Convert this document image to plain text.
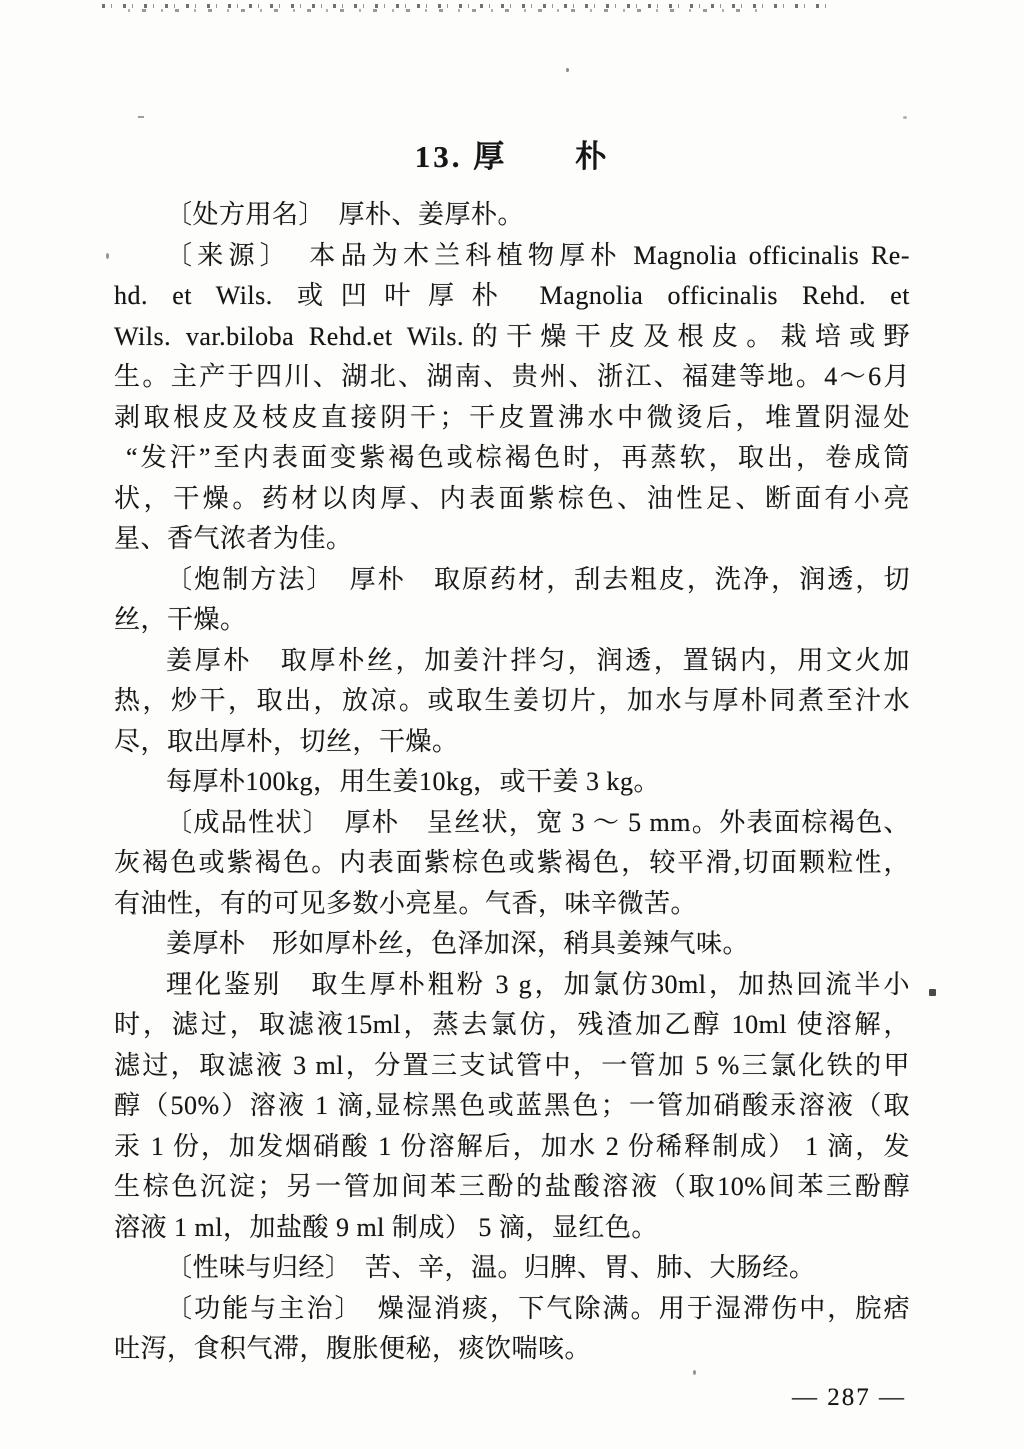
13. 厚　　朴
〔处方用名〕　厚朴、姜厚朴。
〔来源〕　本品为木兰科植物厚朴 Magnolia officinalis Re-
hd. et Wils. 或凹叶厚朴 Magnolia officinalis Rehd. et
Wils. var.biloba Rehd.et Wils.的干燥干皮及根皮。栽培或野
生。主产于四川、湖北、湖南、贵州、浙江、福建等地。4～6月
剥取根皮及枝皮直接阴干；干皮置沸水中微烫后，堆置阴湿处
“发汗”至内表面变紫褐色或棕褐色时，再蒸软，取出，卷成筒
状，干燥。药材以肉厚、内表面紫棕色、油性足、断面有小亮
星、香气浓者为佳。
〔炮制方法〕　厚朴　取原药材，刮去粗皮，洗净，润透，切
丝，干燥。
姜厚朴　取厚朴丝，加姜汁拌匀，润透，置锅内，用文火加
热，炒干，取出，放凉。或取生姜切片，加水与厚朴同煮至汁水
尽，取出厚朴，切丝，干燥。
每厚朴100kg，用生姜10kg，或干姜 3 kg。
〔成品性状〕　厚朴　呈丝状，宽 3 ～ 5 mm。外表面棕褐色、
灰褐色或紫褐色。内表面紫棕色或紫褐色，较平滑,切面颗粒性，
有油性，有的可见多数小亮星。气香，味辛微苦。
姜厚朴　形如厚朴丝，色泽加深，稍具姜辣气味。
理化鉴别　取生厚朴粗粉 3 g，加氯仿30ml，加热回流半小
时，滤过，取滤液15ml，蒸去氯仿，残渣加乙醇 10ml 使溶解，
滤过，取滤液 3 ml，分置三支试管中，一管加 5 %三氯化铁的甲
醇（50%）溶液 1 滴,显棕黑色或蓝黑色；一管加硝酸汞溶液（取
汞 1 份，加发烟硝酸 1 份溶解后，加水 2 份稀释制成） 1 滴，发
生棕色沉淀；另一管加间苯三酚的盐酸溶液（取10%间苯三酚醇
溶液 1 ml，加盐酸 9 ml 制成） 5 滴，显红色。
〔性味与归经〕　苦、辛，温。归脾、胃、肺、大肠经。
〔功能与主治〕　燥湿消痰，下气除满。用于湿滞伤中，脘痞
吐泻，食积气滞，腹胀便秘，痰饮喘咳。
— 287 —
